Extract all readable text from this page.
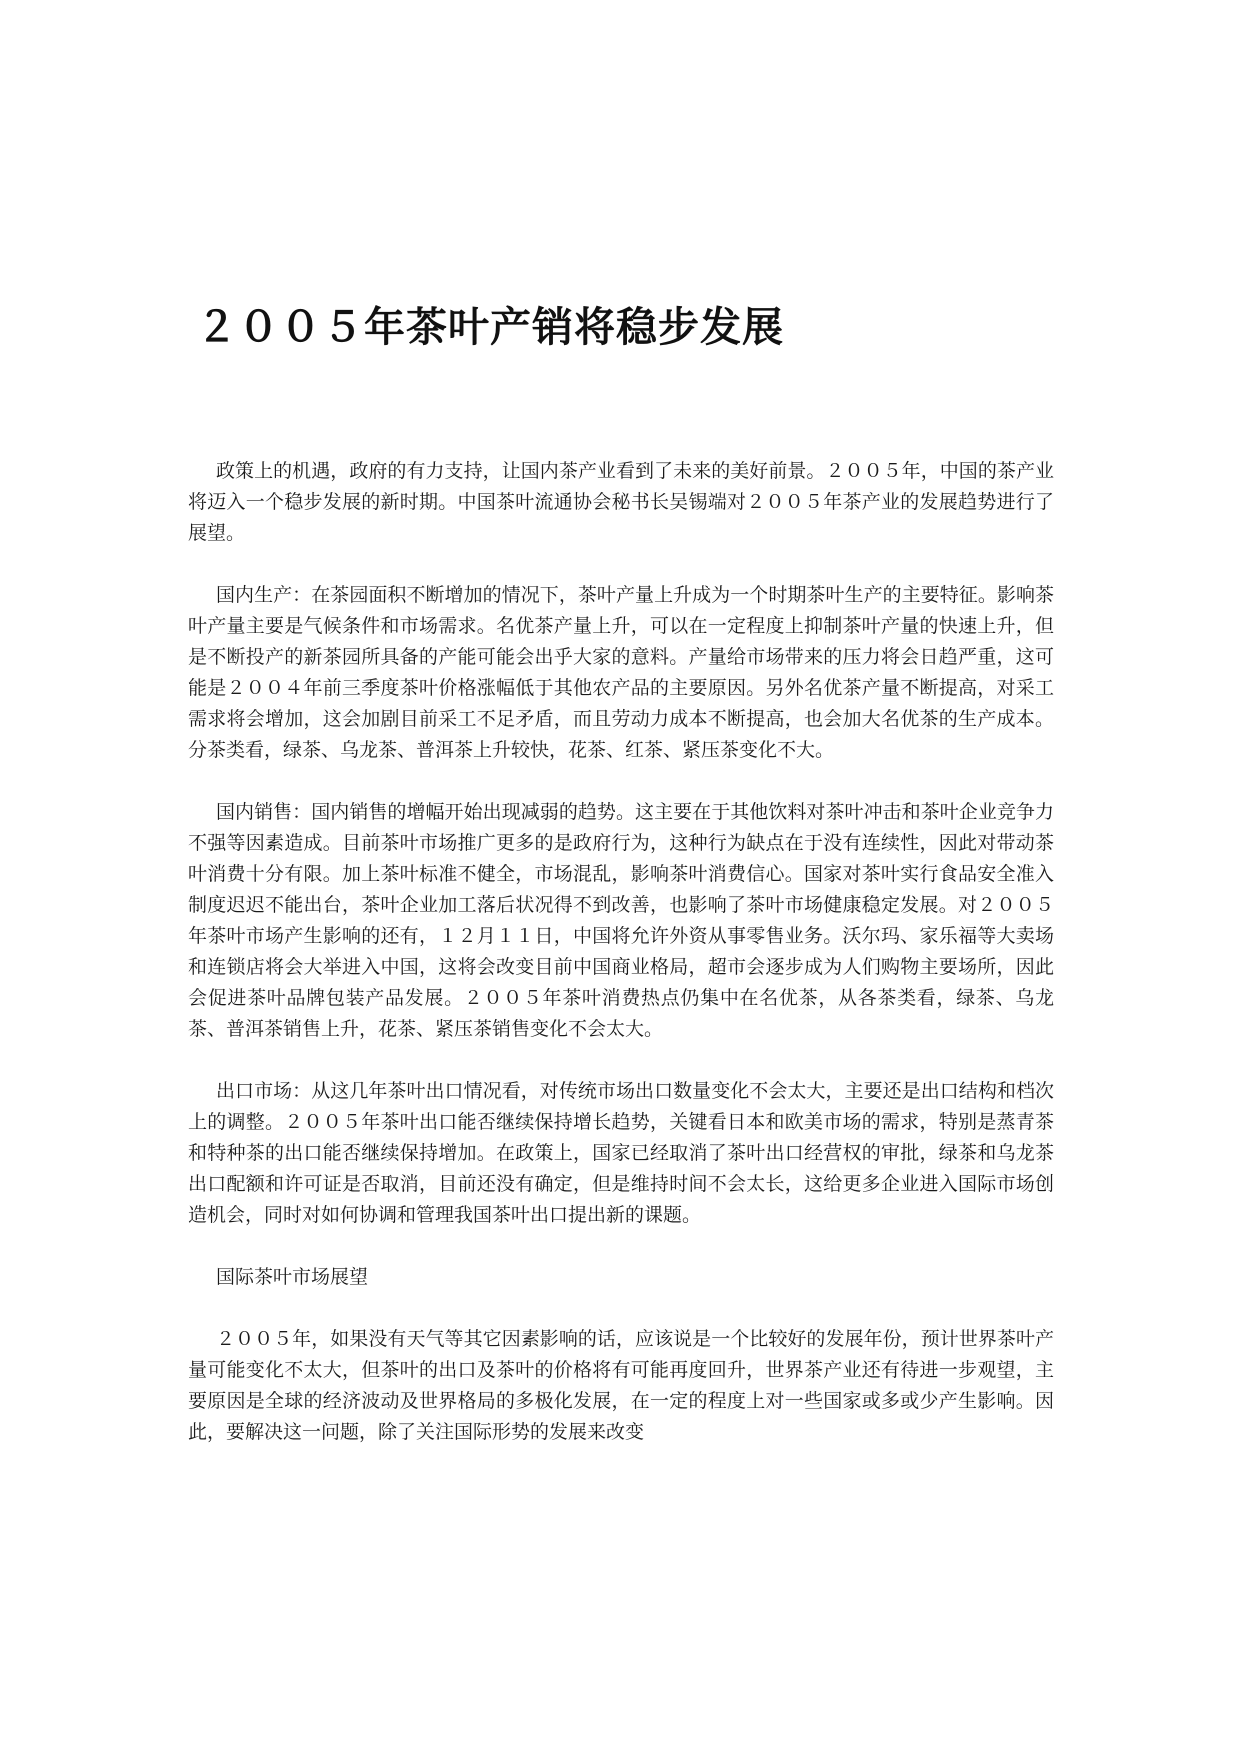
２００５年茶叶产销将稳步发展

政策上的机遇，政府的有力支持，让国内茶产业看到了未来的美好前景。２００５年，中国的茶产业将迈入一个稳步发展的新时期。中国茶叶流通协会秘书长吴锡端对２００５年茶产业的发展趋势进行了展望。

国内生产：在茶园面积不断增加的情况下，茶叶产量上升成为一个时期茶叶生产的主要特征。影响茶叶产量主要是气候条件和市场需求。名优茶产量上升，可以在一定程度上抑制茶叶产量的快速上升，但是不断投产的新茶园所具备的产能可能会出乎大家的意料。产量给市场带来的压力将会日趋严重，这可能是２００４年前三季度茶叶价格涨幅低于其他农产品的主要原因。另外名优茶产量不断提高，对采工需求将会增加，这会加剧目前采工不足矛盾，而且劳动力成本不断提高，也会加大名优茶的生产成本。分茶类看，绿茶、乌龙茶、普洱茶上升较快，花茶、红茶、紧压茶变化不大。

国内销售：国内销售的增幅开始出现减弱的趋势。这主要在于其他饮料对茶叶冲击和茶叶企业竞争力不强等因素造成。目前茶叶市场推广更多的是政府行为，这种行为缺点在于没有连续性，因此对带动茶叶消费十分有限。加上茶叶标准不健全，市场混乱，影响茶叶消费信心。国家对茶叶实行食品安全准入制度迟迟不能出台，茶叶企业加工落后状况得不到改善，也影响了茶叶市场健康稳定发展。对２００５年茶叶市场产生影响的还有，１２月１１日，中国将允许外资从事零售业务。沃尔玛、家乐福等大卖场和连锁店将会大举进入中国，这将会改变目前中国商业格局，超市会逐步成为人们购物主要场所，因此会促进茶叶品牌包装产品发展。２００５年茶叶消费热点仍集中在名优茶，从各茶类看，绿茶、乌龙茶、普洱茶销售上升，花茶、紧压茶销售变化不会太大。

出口市场：从这几年茶叶出口情况看，对传统市场出口数量变化不会太大，主要还是出口结构和档次上的调整。２００５年茶叶出口能否继续保持增长趋势，关键看日本和欧美市场的需求，特别是蒸青茶和特种茶的出口能否继续保持增加。在政策上，国家已经取消了茶叶出口经营权的审批，绿茶和乌龙茶出口配额和许可证是否取消，目前还没有确定，但是维持时间不会太长，这给更多企业进入国际市场创造机会，同时对如何协调和管理我国茶叶出口提出新的课题。

国际茶叶市场展望

２００５年，如果没有天气等其它因素影响的话，应该说是一个比较好的发展年份，预计世界茶叶产量可能变化不太大，但茶叶的出口及茶叶的价格将有可能再度回升，世界茶产业还有待进一步观望，主要原因是全球的经济波动及世界格局的多极化发展，在一定的程度上对一些国家或多或少产生影响。因此，要解决这一问题，除了关注国际形势的发展来改变
